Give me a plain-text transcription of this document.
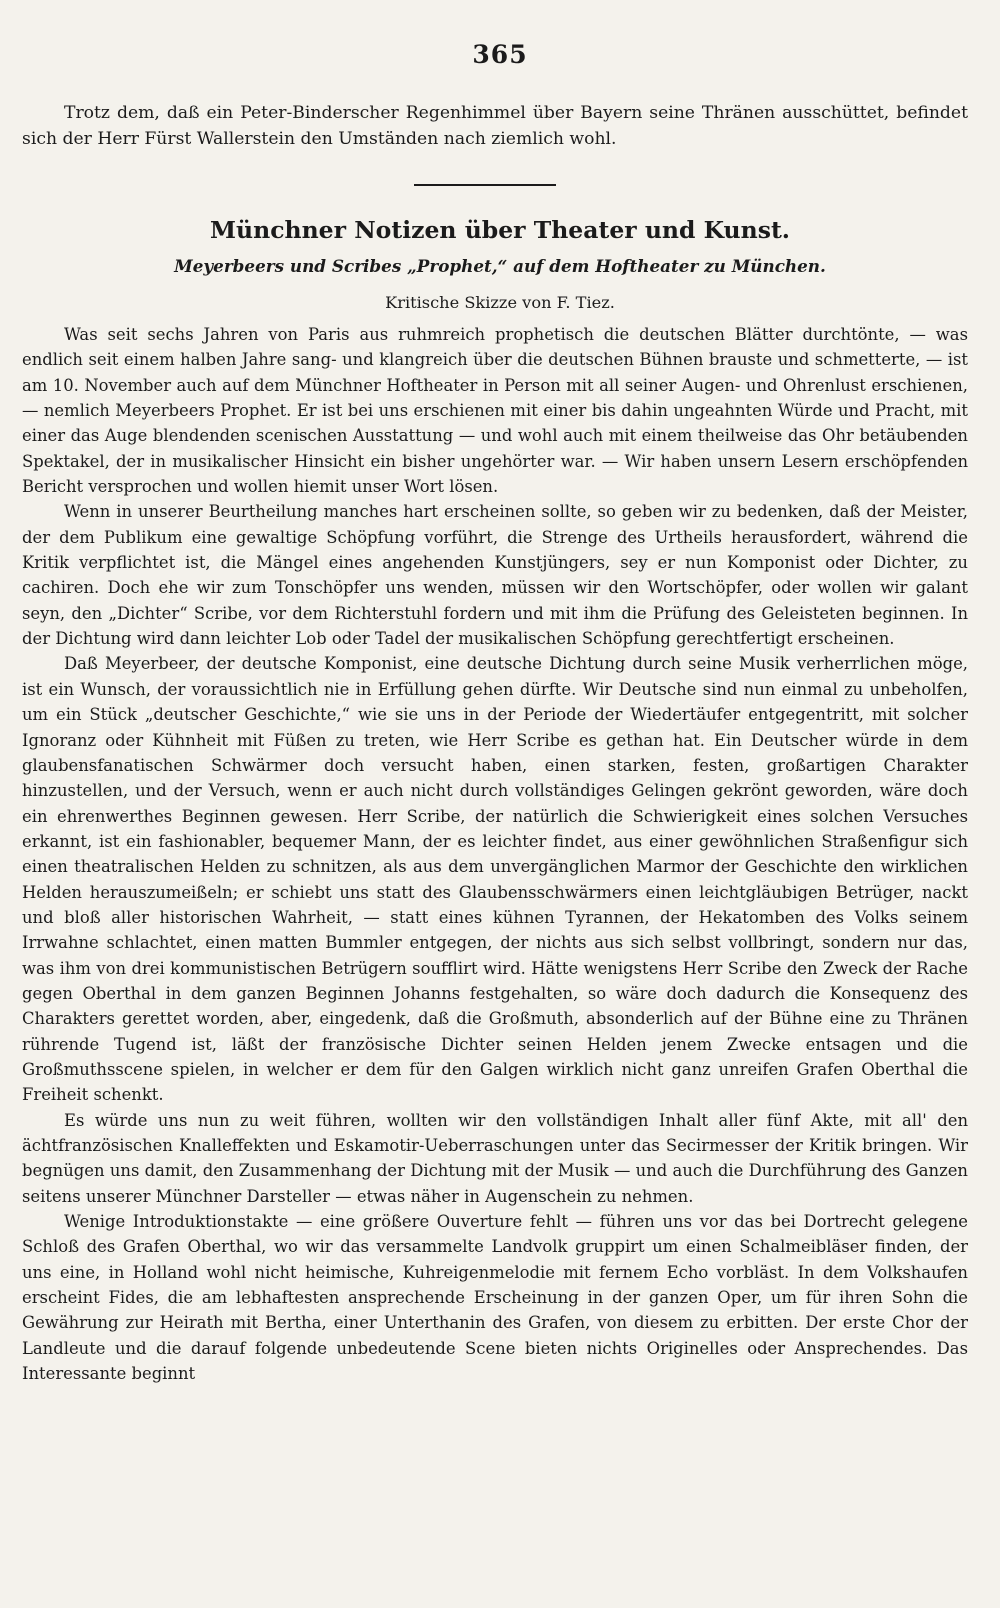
365

Trotz dem, daß ein Peter-Binderscher Regenhimmel über Bayern seine Thränen ausschüttet, befindet sich der Herr Fürst Wallerstein den Umständen nach ziemlich wohl.

Münchner Notizen über Theater und Kunst.
Meyerbeers und Scribes „Prophet,“ auf dem Hoftheater zu München.
Kritische Skizze von F. Tiez.

Was seit sechs Jahren von Paris aus ruhmreich prophetisch die deutschen Blätter durchtönte, — was endlich seit einem halben Jahre sang- und klangreich über die deutschen Bühnen brauste und schmetterte, — ist am 10. November auch auf dem Münchner Hoftheater in Person mit all seiner Augen- und Ohrenlust erschienen, — nemlich Meyerbeers Prophet. Er ist bei uns erschienen mit einer bis dahin ungeahnten Würde und Pracht, mit einer das Auge blendenden scenischen Ausstattung — und wohl auch mit einem theilweise das Ohr betäubenden Spektakel, der in musikalischer Hinsicht ein bisher ungehörter war. — Wir haben unsern Lesern erschöpfenden Bericht versprochen und wollen hiemit unser Wort lösen.

Wenn in unserer Beurtheilung manches hart erscheinen sollte, so geben wir zu bedenken, daß der Meister, der dem Publikum eine gewaltige Schöpfung vorführt, die Strenge des Urtheils herausfordert, während die Kritik verpflichtet ist, die Mängel eines angehenden Kunstjüngers, sey er nun Komponist oder Dichter, zu cachiren. Doch ehe wir zum Tonschöpfer uns wenden, müssen wir den Wortschöpfer, oder wollen wir galant seyn, den „Dichter“ Scribe, vor dem Richterstuhl fordern und mit ihm die Prüfung des Geleisteten beginnen. In der Dichtung wird dann leichter Lob oder Tadel der musikalischen Schöpfung gerechtfertigt erscheinen.

Daß Meyerbeer, der deutsche Komponist, eine deutsche Dichtung durch seine Musik verherrlichen möge, ist ein Wunsch, der voraussichtlich nie in Erfüllung gehen dürfte. Wir Deutsche sind nun einmal zu unbeholfen, um ein Stück „deutscher Geschichte,“ wie sie uns in der Periode der Wiedertäufer entgegentritt, mit solcher Ignoranz oder Kühnheit mit Füßen zu treten, wie Herr Scribe es gethan hat. Ein Deutscher würde in dem glaubensfanatischen Schwärmer doch versucht haben, einen starken, festen, großartigen Charakter hinzustellen, und der Versuch, wenn er auch nicht durch vollständiges Gelingen gekrönt geworden, wäre doch ein ehrenwerthes Beginnen gewesen. Herr Scribe, der natürlich die Schwierigkeit eines solchen Versuches erkannt, ist ein fashionabler, bequemer Mann, der es leichter findet, aus einer gewöhnlichen Straßenfigur sich einen theatralischen Helden zu schnitzen, als aus dem unvergänglichen Marmor der Geschichte den wirklichen Helden herauszumeißeln; er schiebt uns statt des Glaubensschwärmers einen leichtgläubigen Betrüger, nackt und bloß aller historischen Wahrheit, — statt eines kühnen Tyrannen, der Hekatomben des Volks seinem Irrwahne schlachtet, einen matten Bummler entgegen, der nichts aus sich selbst vollbringt, sondern nur das, was ihm von drei kommunistischen Betrügern soufflirt wird. Hätte wenigstens Herr Scribe den Zweck der Rache gegen Oberthal in dem ganzen Beginnen Johanns festgehalten, so wäre doch dadurch die Konsequenz des Charakters gerettet worden, aber, eingedenk, daß die Großmuth, absonderlich auf der Bühne eine zu Thränen rührende Tugend ist, läßt der französische Dichter seinen Helden jenem Zwecke entsagen und die Großmuthsscene spielen, in welcher er dem für den Galgen wirklich nicht ganz unreifen Grafen Oberthal die Freiheit schenkt.

Es würde uns nun zu weit führen, wollten wir den vollständigen Inhalt aller fünf Akte, mit all' den ächtfranzösischen Knalleffekten und Eskamotir-Ueberraschungen unter das Secirmesser der Kritik bringen. Wir begnügen uns damit, den Zusammenhang der Dichtung mit der Musik — und auch die Durchführung des Ganzen seitens unserer Münchner Darsteller — etwas näher in Augenschein zu nehmen.

Wenige Introduktionstakte — eine größere Ouverture fehlt — führen uns vor das bei Dortrecht gelegene Schloß des Grafen Oberthal, wo wir das versammelte Landvolk gruppirt um einen Schalmeibläser finden, der uns eine, in Holland wohl nicht heimische, Kuhreigenmelodie mit fernem Echo vorbläst. In dem Volkshaufen erscheint Fides, die am lebhaftesten ansprechende Erscheinung in der ganzen Oper, um für ihren Sohn die Gewährung zur Heirath mit Bertha, einer Unterthanin des Grafen, von diesem zu erbitten. Der erste Chor der Landleute und die darauf folgende unbedeutende Scene bieten nichts Originelles oder Ansprechendes. Das Interessante beginnt
